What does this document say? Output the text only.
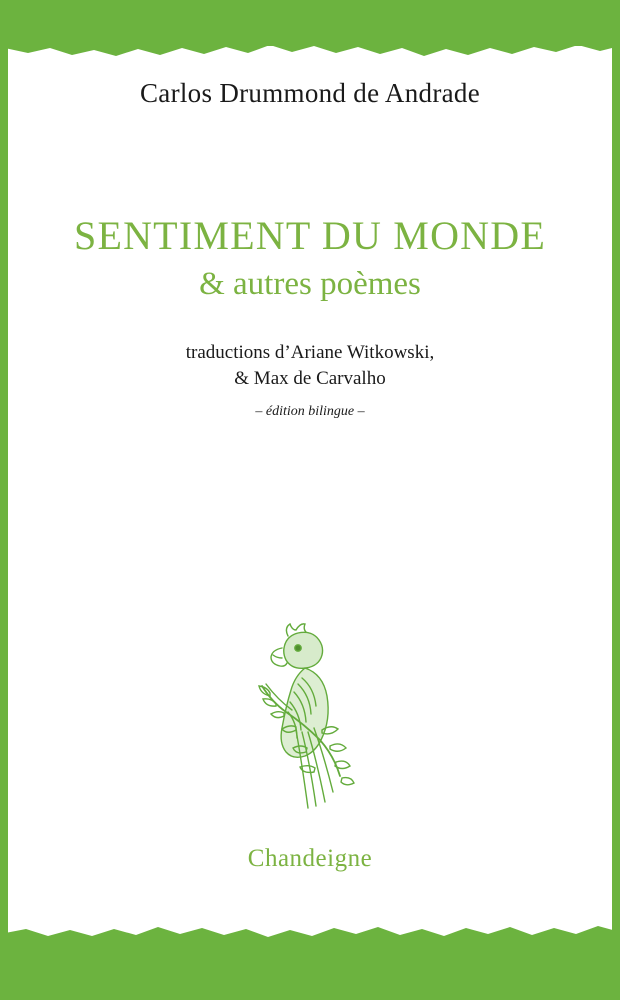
Carlos Drummond de Andrade
SENTIMENT DU MONDE
& autres poèmes
traductions d’Ariane Witkowski,
& Max de Carvalho
– édition bilingue –
Chandeigne
